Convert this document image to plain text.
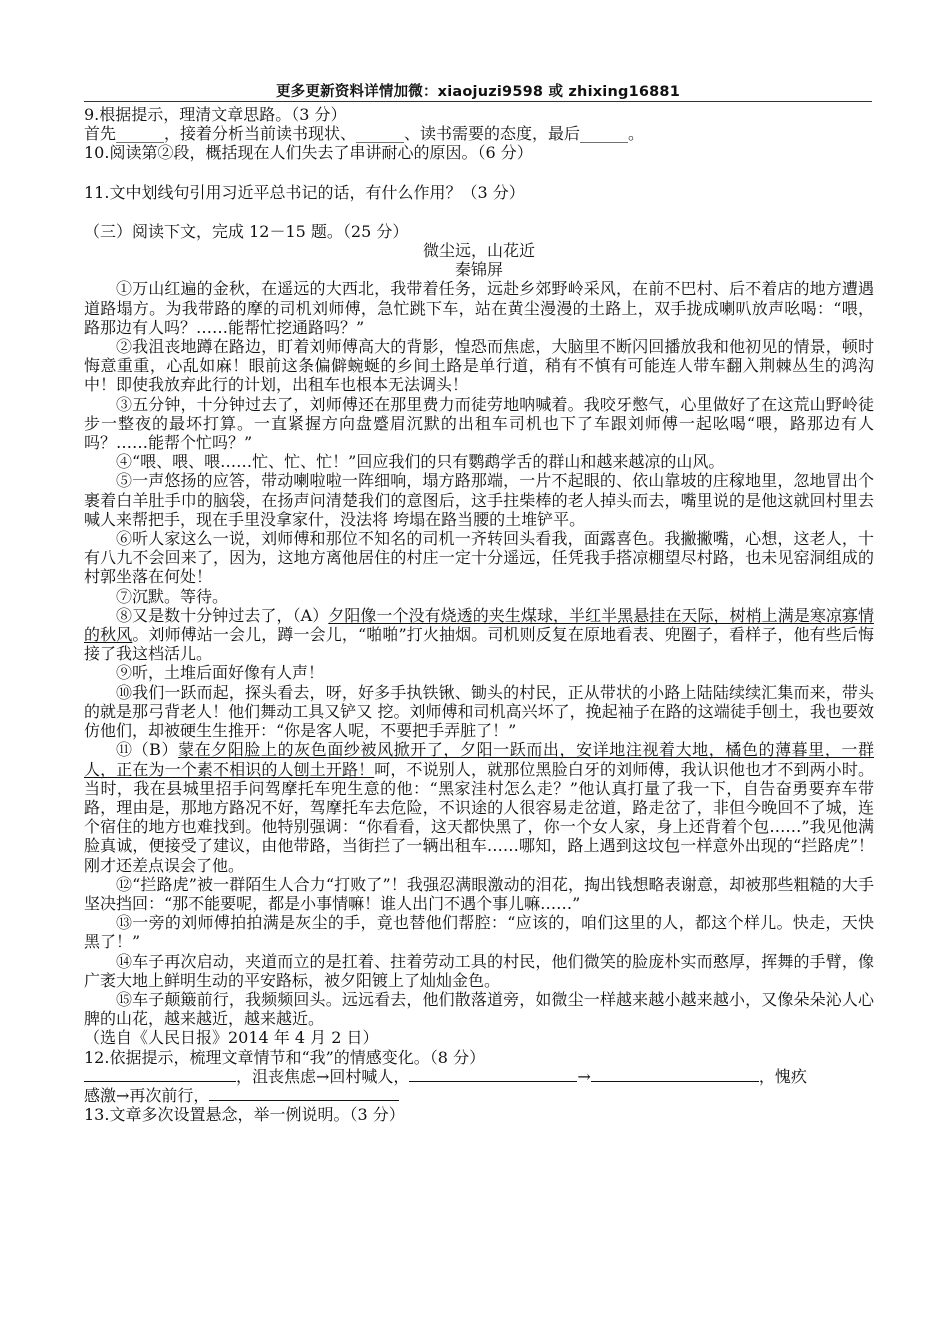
更多更新资料详情加微：xiaojuzi9598 或 zhixing16881

9.根据提示，理清文章思路。（3 分）

首先______，接着分析当前读书现状、______、读书需要的态度，最后______。

10.阅读第②段，概括现在人们失去了串讲耐心的原因。（6 分）

11.文中划线句引用习近平总书记的话，有什么作用？（3 分）

（三）阅读下文，完成 12－15 题。（25 分）

微尘远，山花近

秦锦屏

①万山红遍的金秋，在遥远的大西北，我带着任务，远赴乡郊野岭采风，在前不巴村、后不着店的地方遭遇道路塌方。为我带路的摩的司机刘师傅，急忙跳下车，站在黄尘漫漫的土路上，双手拢成喇叭放声吆喝：“喂，路那边有人吗？……能帮忙挖通路吗？”

②我沮丧地蹲在路边，盯着刘师傅高大的背影，惶恐而焦虑，大脑里不断闪回播放我和他初见的情景，顿时悔意重重，心乱如麻！眼前这条偏僻蜿蜒的乡间土路是单行道，稍有不慎有可能连人带车翻入荆棘丛生的鸿沟中！即使我放弃此行的计划，出租车也根本无法调头！

③五分钟，十分钟过去了，刘师傅还在那里费力而徒劳地呐喊着。我咬牙憋气，心里做好了在这荒山野岭徒步一整夜的最坏打算。一直紧握方向盘蹙眉沉默的出租车司机也下了车跟刘师傅一起吆喝“喂，路那边有人吗？……能帮个忙吗？”

④“喂、喂、喂……忙、忙、忙！”回应我们的只有鹦鹉学舌的群山和越来越凉的山风。

⑤一声悠扬的应答，带动喇啦啦一阵细响，塌方路那端，一片不起眼的、依山靠坡的庄稼地里，忽地冒出个裹着白羊肚手巾的脑袋，在扬声问清楚我们的意图后，这手拄柴棒的老人掉头而去，嘴里说的是他这就回村里去喊人来帮把手，现在手里没拿家什，没法将 垮塌在路当腰的土堆铲平。

⑥听人家这么一说，刘师傅和那位不知名的司机一齐转回头看我，面露喜色。我撇撇嘴，心想，这老人，十有八九不会回来了，因为，这地方离他居住的村庄一定十分遥远，任凭我手搭凉棚望尽村路，也未见窑洞组成的村郭坐落在何处！

⑦沉默。等待。

⑧又是数十分钟过去了，（A）夕阳像一个没有烧透的夹生煤球，半红半黑悬挂在天际，树梢上满是寒凉寡情的秋风。刘师傅站一会儿，蹲一会儿，“啪啪”打火抽烟。司机则反复在原地看表、兜圈子，看样子，他有些后悔接了我这档活儿。

⑨听，土堆后面好像有人声！

⑩我们一跃而起，探头看去，呀，好多手执铁锹、锄头的村民，正从带状的小路上陆陆续续汇集而来，带头的就是那弓背老人！他们舞动工具又铲又 挖。刘师傅和司机高兴坏了，挽起袖子在路的这端徒手刨土，我也要效仿他们，却被硬生生推开：“你是客人呢，不要把手弄脏了！”

⑪（B）蒙在夕阳脸上的灰色面纱被风掀开了，夕阳一跃而出，安详地注视着大地，橘色的薄暮里，一群人，正在为一个素不相识的人刨土开路！呵，不说别人，就那位黑脸白牙的刘师傅，我认识他也才不到两小时。当时，我在县城里招手问驾摩托车兜生意的他：“黑家洼村怎么走？”他认真打量了我一下，自告奋勇要弃车带路，理由是，那地方路况不好，驾摩托车去危险，不识途的人很容易走岔道，路走岔了，非但今晚回不了城，连个宿住的地方也难找到。他特别强调：“你看看，这天都快黑了，你一个女人家，身上还背着个包……”我见他满脸真诚，便接受了建议，由他带路，当街拦了一辆出租车……哪知，路上遇到这坟包一样意外出现的“拦路虎”！刚才还差点误会了他。

⑫“拦路虎”被一群陌生人合力“打败了”！我强忍满眼激动的泪花，掏出钱想略表谢意，却被那些粗糙的大手坚决挡回：“那不能要呢，都是小事情嘛！谁人出门不遇个事儿嘛……”

⑬一旁的刘师傅拍拍满是灰尘的手，竟也替他们帮腔：“应该的，咱们这里的人，都这个样儿。快走，天快黑了！”

⑭车子再次启动，夹道而立的是扛着、拄着劳动工具的村民，他们微笑的脸庞朴实而憨厚，挥舞的手臂，像广袤大地上鲜明生动的平安路标，被夕阳镀上了灿灿金色。

⑮车子颠簸前行，我频频回头。远远看去，他们散落道旁，如微尘一样越来越小越来越小，又像朵朵沁人心脾的山花，越来越近，越来越近。

（选自《人民日报》2014 年 4 月 2 日）

12.依据提示，梳理文章情节和“我”的情感变化。（8 分）

，沮丧焦虑→回村喊人，	→	，愧疚

感激→再次前行，

13.文章多次设置悬念，举一例说明。（3 分）
